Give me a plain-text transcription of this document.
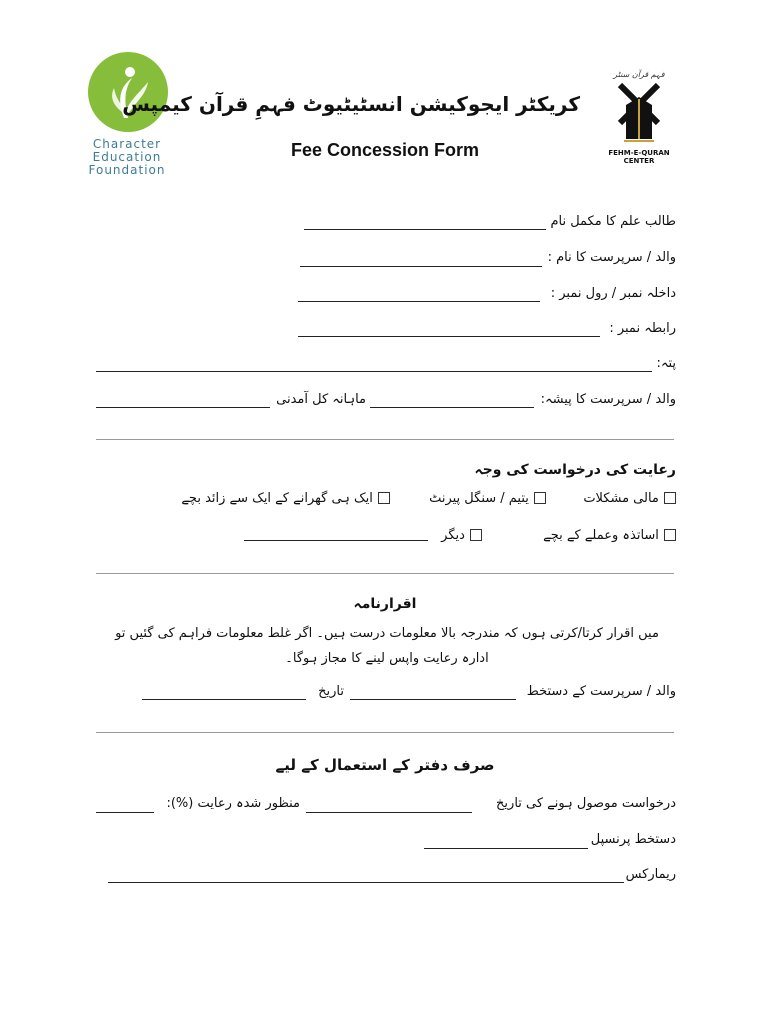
Character
Education
Foundation
فہم قرآن سنٹر
FEHM-E-QURAN
CENTER
کریکٹر ایجوکیشن انسٹیٹیوٹ فہمِ قرآن کیمپس
Fee Concession Form
طالب علم کا مکمل نام
والد / سرپرست کا نام :
داخلہ نمبر / رول نمبر :
رابطہ نمبر :
پتہ:
والد / سرپرست کا پیشہ:
ماہانہ کل آمدنی
رعایت کی درخواست کی وجہ
مالی مشکلات
یتیم / سنگل پیرنٹ
ایک ہی گھرانے کے ایک سے زائد بچے
اساتذہ وعملے کے بچے
دیگر
اقرارنامہ
میں اقرار کرتا/کرتی ہوں کہ مندرجہ بالا معلومات درست ہیں۔ اگر غلط معلومات فراہم کی گئیں تو
ادارہ رعایت واپس لینے کا مجاز ہوگا۔
والد / سرپرست کے دستخط
تاریخ
صرف دفتر کے استعمال کے لیے
درخواست موصول ہونے کی تاریخ
منظور شدہ رعایت (%):
دستخط پرنسپل
ریمارکس
